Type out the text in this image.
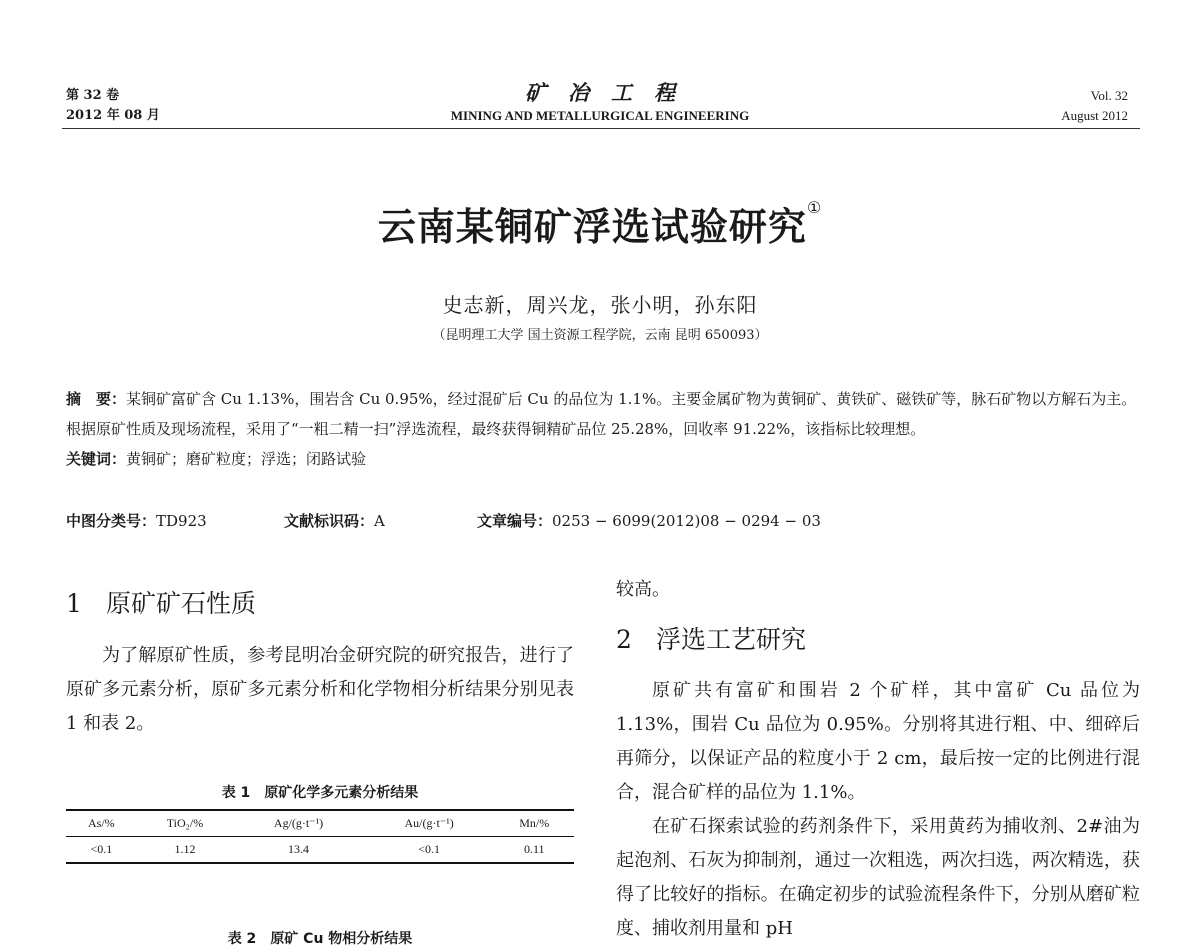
第 32 卷
2012 年 08 月
矿冶工程
MINING AND METALLURGICAL ENGINEERING
Vol. 32
August 2012
云南某铜矿浮选试验研究①
史志新，周兴龙，张小明，孙东阳
（昆明理工大学 国土资源工程学院，云南 昆明 650093）
摘　要：某铜矿富矿含 Cu 1.13%，围岩含 Cu 0.95%，经过混矿后 Cu 的品位为 1.1%。主要金属矿物为黄铜矿、黄铁矿、磁铁矿等，脉石矿物以方解石为主。根据原矿性质及现场流程，采用了“一粗二精一扫”浮选流程，最终获得铜精矿品位 25.28%，回收率 91.22%，该指标比较理想。
关键词：黄铜矿；磨矿粒度；浮选；闭路试验
中图分类号：TD923	文献标识码：A	文章编号：0253 − 6099(2012)08 − 0294 − 03
1 原矿矿石性质
为了解原矿性质，参考昆明冶金研究院的研究报告，进行了原矿多元素分析，原矿多元素分析和化学物相分析结果分别见表 1 和表 2。
表 1 原矿化学多元素分析结果
As/%	TiO₂/%	Ag/(g·t⁻¹)	Au/(g·t⁻¹)	Mn/%
<0.1	1.12	13.4	<0.1	0.11
表 2 原矿 Cu 物相分析结果
较高。
2 浮选工艺研究
原矿共有富矿和围岩 2 个矿样，其中富矿 Cu 品位为 1.13%，围岩 Cu 品位为 0.95%。分别将其进行粗、中、细碎后再筛分，以保证产品的粒度小于 2 cm，最后按一定的比例进行混合，混合矿样的品位为 1.1%。
在矿石探索试验的药剂条件下，采用黄药为捕收剂、2#油为起泡剂、石灰为抑制剂，通过一次粗选，两次扫选，两次精选，获得了比较好的指标。在确定初步的试验流程条件下，分别从磨矿粒度、捕收剂用量和 pH
